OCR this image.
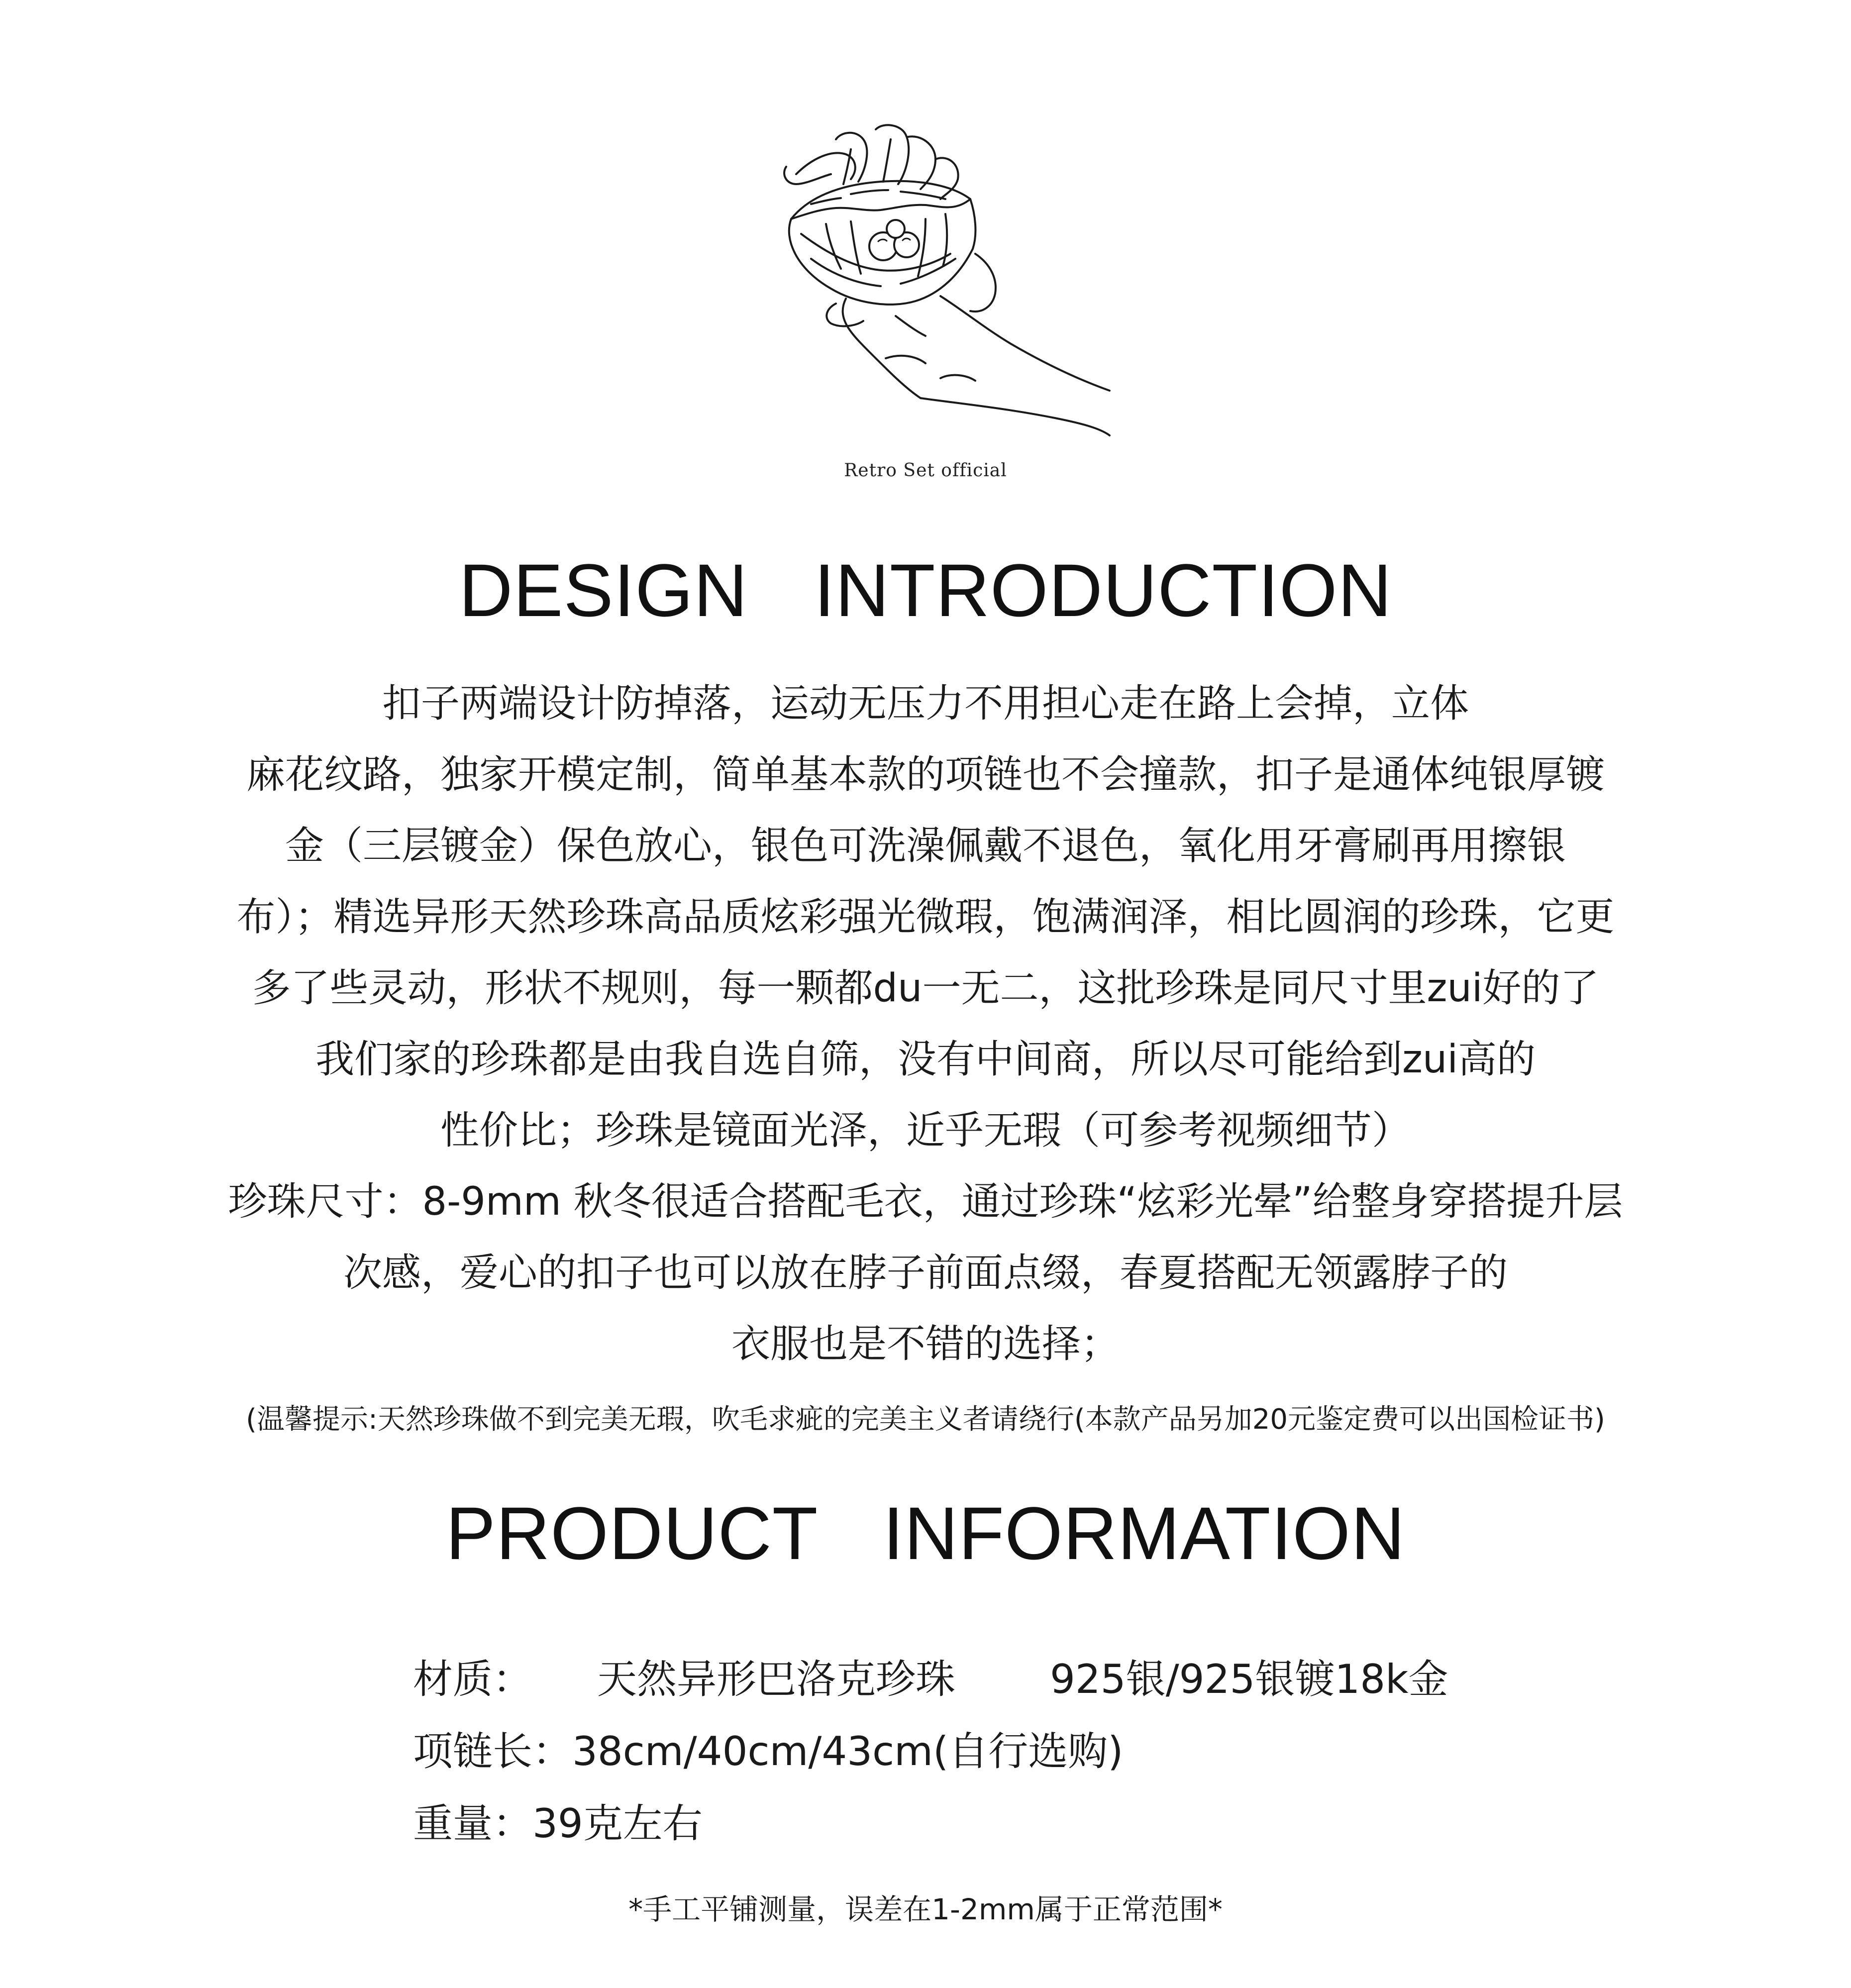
Retro Set official
DESIGN INTRODUCTION
扣子两端设计防掉落，运动无压力不用担心走在路上会掉，立体
麻花纹路，独家开模定制，简单基本款的项链也不会撞款，扣子是通体纯银厚镀
金（三层镀金）保色放心，银色可洗澡佩戴不退色，氧化用牙膏刷再用擦银
布）；精选异形天然珍珠高品质炫彩强光微瑕，饱满润泽，相比圆润的珍珠，它更
多了些灵动，形状不规则，每一颗都du一无二，这批珍珠是同尺寸里zui好的了
我们家的珍珠都是由我自选自筛，没有中间商，所以尽可能给到zui高的
性价比；珍珠是镜面光泽，近乎无瑕（可参考视频细节）
珍珠尺寸：8-9mm 秋冬很适合搭配毛衣，通过珍珠“炫彩光晕”给整身穿搭提升层
次感，爱心的扣子也可以放在脖子前面点缀，春夏搭配无领露脖子的
衣服也是不错的选择；
(温馨提示:天然珍珠做不到完美无瑕，吹毛求疵的完美主义者请绕行(本款产品另加20元鉴定费可以出国检证书)
PRODUCT INFORMATION
材质： 天然异形巴洛克珍珠 925银/925银镀18k金
项链长：38cm/40cm/43cm(自行选购)
重量：39克左右
*手工平铺测量，误差在1-2mm属于正常范围*
